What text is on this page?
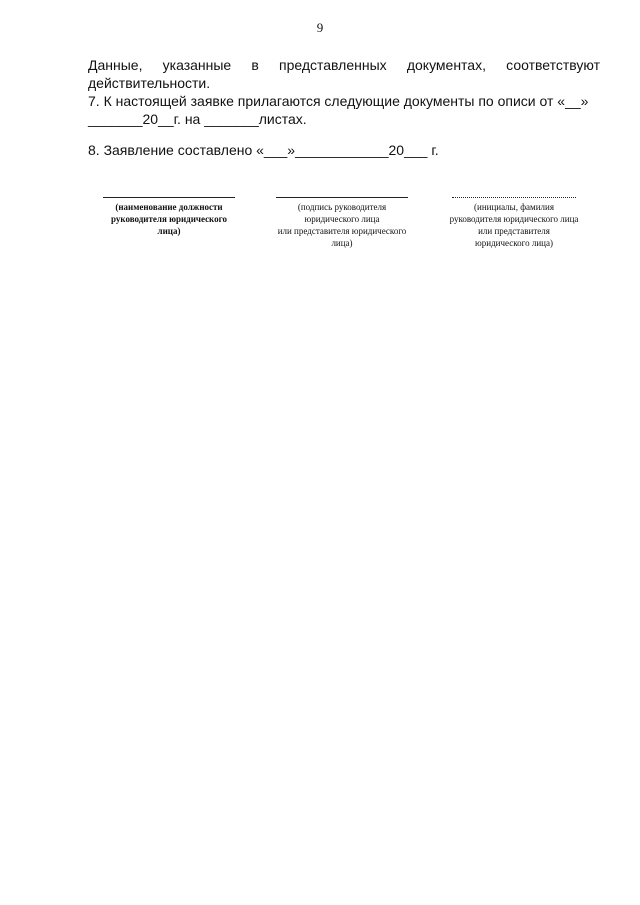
9
Данные, указанные в представленных документах, соответствуют
действительности.
7. К настоящей заявке прилагаются следующие документы по описи от «__»
_______20__г. на _______листах.
8. Заявление составлено «___»____________20___ г.
(наименование должности
руководителя юридического
лица)
(подпись руководителя
юридического лица
или представителя юридического
лица)
(инициалы, фамилия
руководителя юридического лица
или представителя
юридического лица)
